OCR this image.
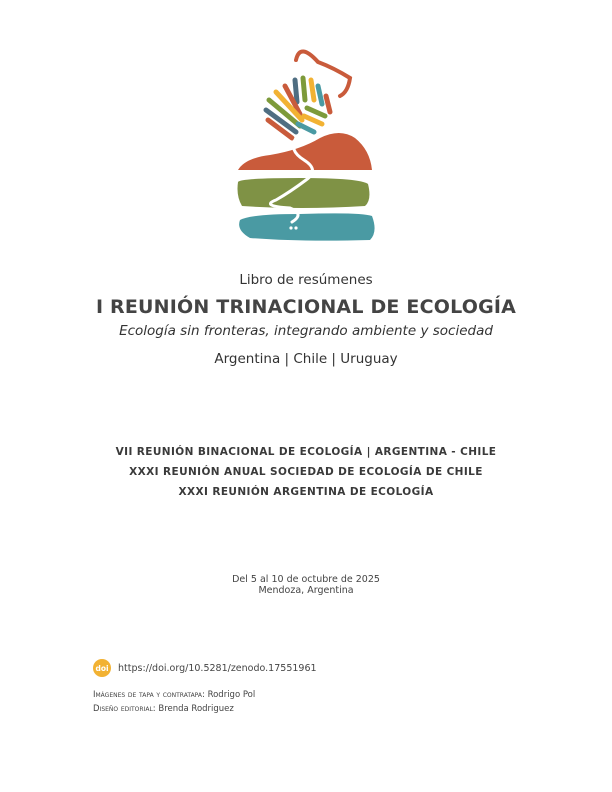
Libro de resúmenes
I REUNIÓN TRINACIONAL DE ECOLOGÍA
Ecología sin fronteras, integrando ambiente y sociedad
Argentina | Chile | Uruguay
VII REUNIÓN BINACIONAL DE ECOLOGÍA | ARGENTINA - CHILE
XXXI REUNIÓN ANUAL SOCIEDAD DE ECOLOGÍA DE CHILE
XXXI REUNIÓN ARGENTINA DE ECOLOGÍA
Del 5 al 10 de octubre de 2025
Mendoza, Argentina
doi https://doi.org/10.5281/zenodo.17551961
Imágenes de tapa y contratapa: Rodrigo Pol
Diseño editorial: Brenda Rodriguez
